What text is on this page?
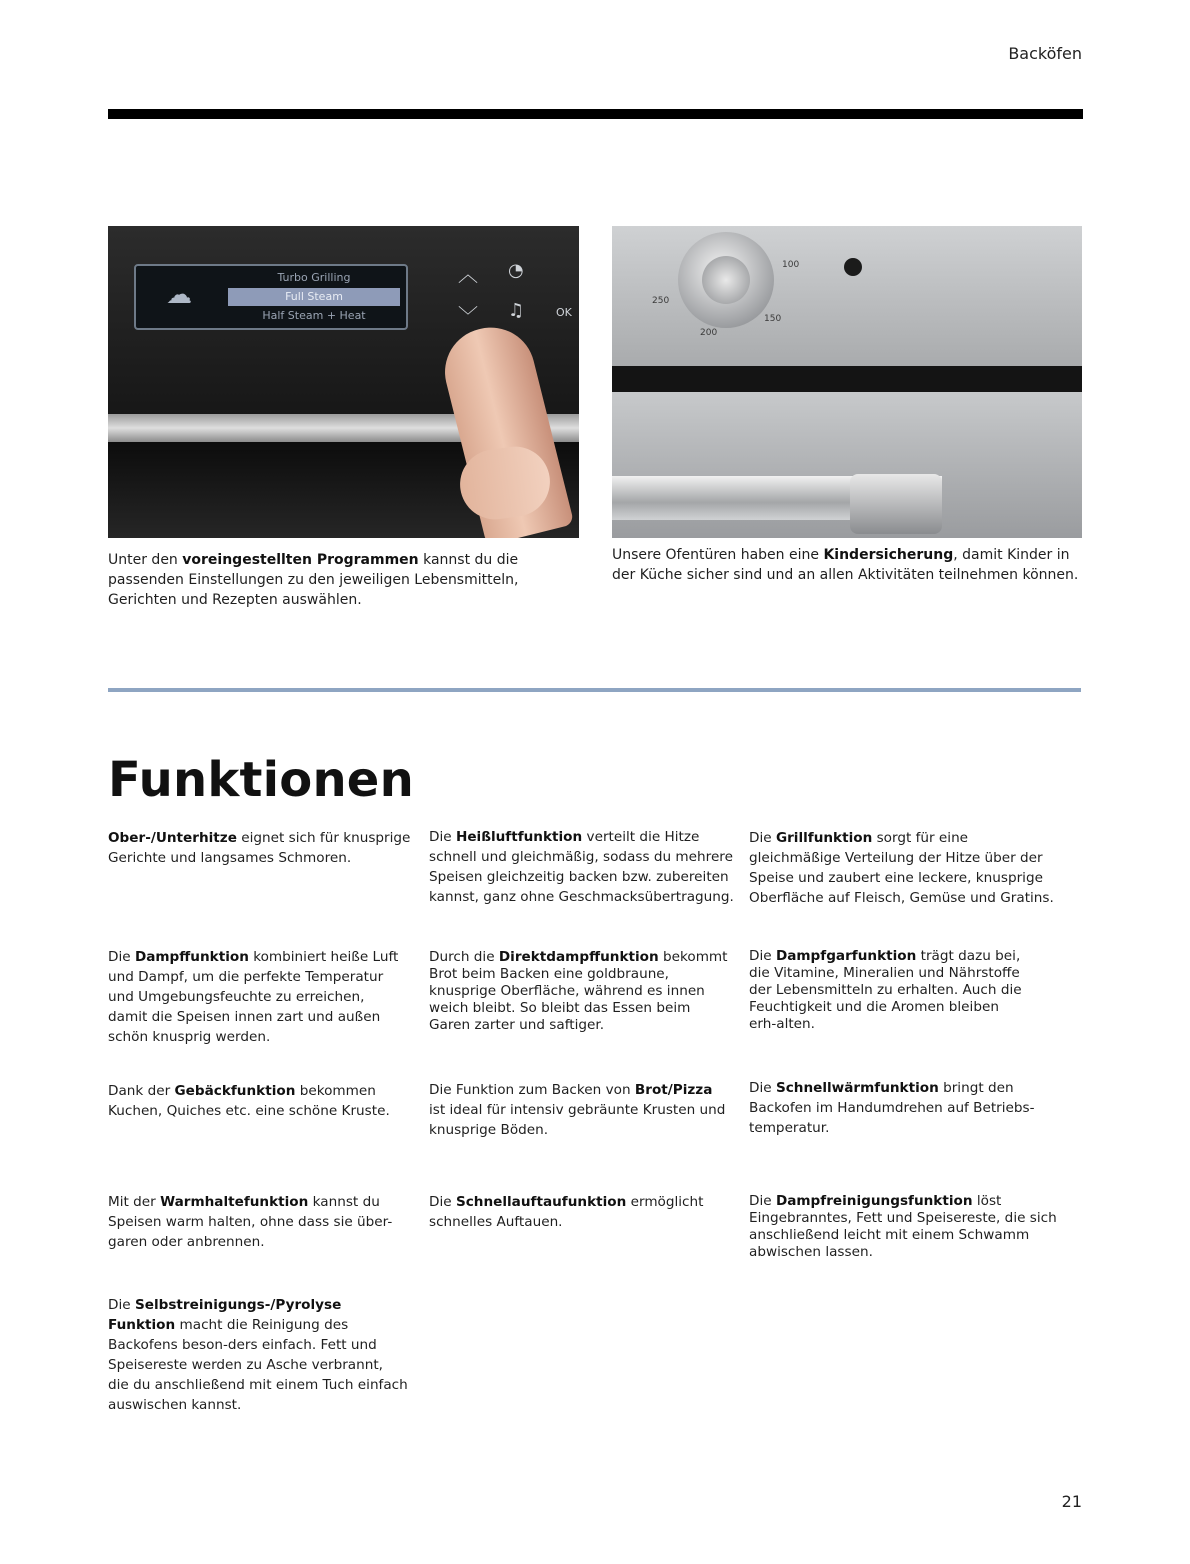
Backöfen
☁
Turbo Grilling
Full Steam
Half Steam + Heat
︿
﹀
◔
♫	OK
100
250
150
200
Unter den voreingestellten Programmen kannst du die passenden Einstellungen zu den jeweiligen Lebensmitteln, Gerichten und Rezepten auswählen.
Unsere Ofentüren haben eine Kindersicherung, damit Kinder in der Küche sicher sind und an allen Aktivitäten teilnehmen können.
Funktionen
Ober-/Unterhitze eignet sich für knusprige Gerichte und langsames Schmoren.
Die Heißluftfunktion verteilt die Hitze schnell und gleichmäßig, sodass du mehrere Speisen gleichzeitig backen bzw. zubereiten kannst, ganz ohne Geschmacksübertragung.
Die Grillfunktion sorgt für eine gleichmäßige Verteilung der Hitze über der Speise und zaubert eine leckere, knusprige Oberfläche auf Fleisch, Gemüse und Gratins.
Die Dampffunktion kombiniert heiße Luft und Dampf, um die perfekte Temperatur und Umgebungsfeuchte zu erreichen, damit die Speisen innen zart und außen schön knusprig werden.
Durch die Direktdampffunktion bekommt Brot beim Backen eine goldbraune, knusprige Oberfläche, während es innen weich bleibt. So bleibt das Essen beim Garen zarter und saftiger.
Die Dampfgarfunktion trägt dazu bei, die Vitamine, Mineralien und Nährstoffe der Lebensmitteln zu erhalten. Auch die Feuchtigkeit und die Aromen bleiben erh-alten.
Dank der Gebäckfunktion bekommen Kuchen, Quiches etc. eine schöne Kruste.
Die Funktion zum Backen von Brot/Pizza ist ideal für intensiv gebräunte Krusten und knusprige Böden.
Die Schnellwärmfunktion bringt den Backofen im Handumdrehen auf Betriebs-temperatur.
Mit der Warmhaltefunktion kannst du Speisen warm halten, ohne dass sie über-garen oder anbrennen.
Die Schnellauftaufunktion ermöglicht schnelles Auftauen.
Die Dampfreinigungsfunktion löst Eingebranntes, Fett und Speisereste, die sich anschließend leicht mit einem Schwamm abwischen lassen.
Die Selbstreinigungs-/Pyrolyse Funktion macht die Reinigung des Backofens beson-ders einfach. Fett und Speisereste werden zu Asche verbrannt, die du anschließend mit einem Tuch einfach auswischen kannst.
21
